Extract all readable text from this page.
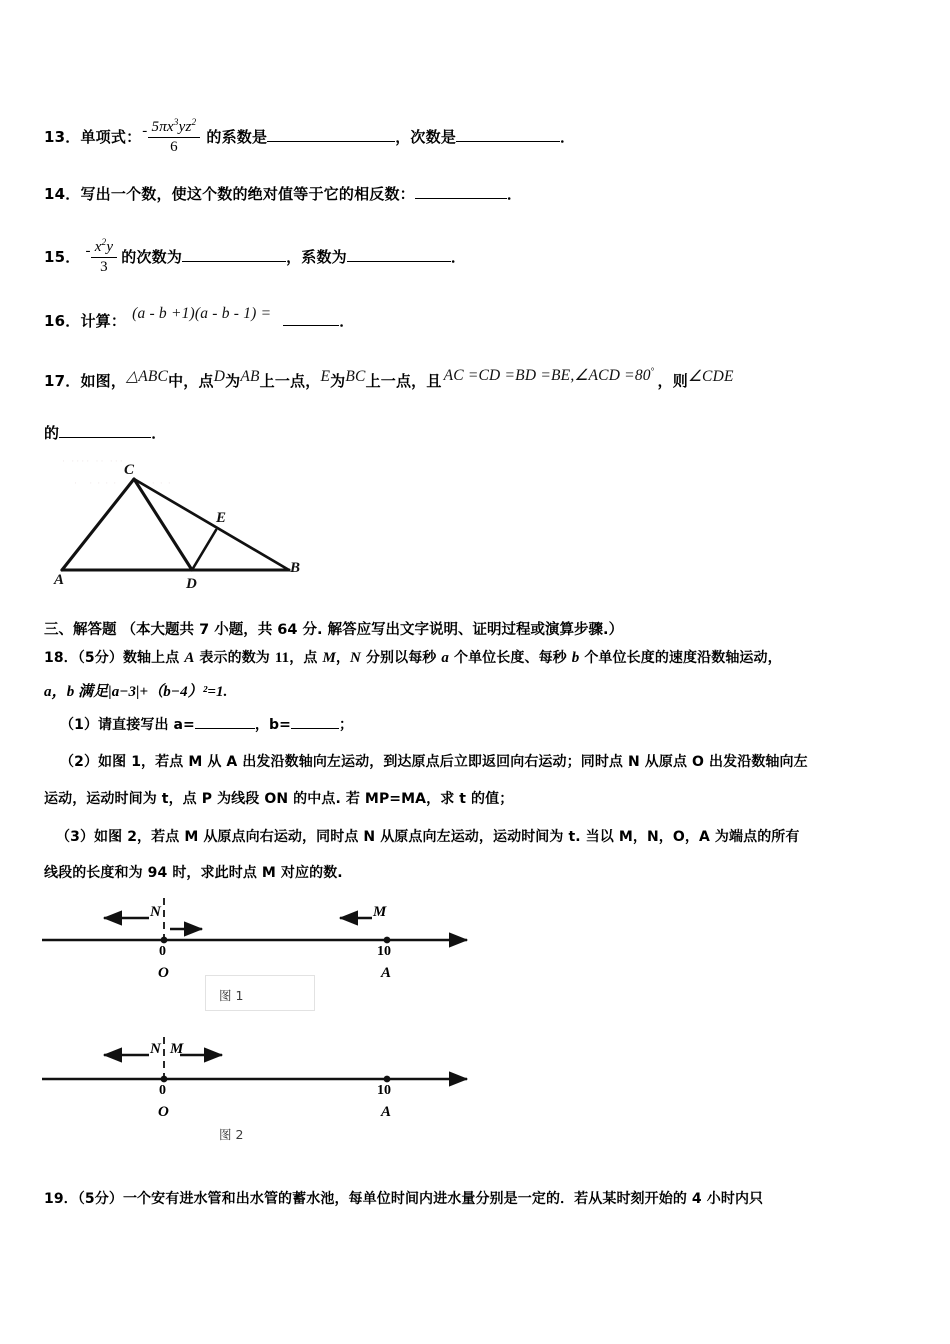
13．单项式：- $\frac{5\pi x^3yz^2}{6}$ 的系数是	，次数是	．
14．写出一个数，使这个数的绝对值等于它的相反数：	．
15． - $\frac{x^2y}{3}$ 的次数为	，系数为	．
16．计算： (a - b +1)(a - b - 1) =	．
17．如图，△ABC中，点D为AB上一点，E为BC上一点，且 AC =CD =BD =BE,∠ACD =80°，则∠CDE
的	．
· ···· ·· ···
· ···· ·· ···
A
B
C
D
E
三、解答题 （本大题共 7 小题，共 64 分. 解答应写出文字说明、证明过程或演算步骤.）
18．（5分）数轴上点 A 表示的数为 11，点 M，N 分别以每秒 a 个单位长度、每秒 b 个单位长度的速度沿数轴运动，
a，b 满足|a−3|+（b−4）²=1.
（1）请直接写出 a=	，b=	；
（2）如图 1，若点 M 从 A 出发沿数轴向左运动，到达原点后立即返回向右运动；同时点 N 从原点 O 出发沿数轴向左
运动，运动时间为 t，点 P 为线段 ON 的中点. 若 MP=MA，求 t 的值；
（3）如图 2，若点 M 从原点向右运动，同时点 N 从原点向左运动，运动时间为 t. 当以 M，N，O，A 为端点的所有
线段的长度和为 94 时，求此时点 M 对应的数.
N	M
0
O
10
A
图 1
N M
0
O
10
A
图 2
19．（5分）一个安有进水管和出水管的蓄水池，每单位时间内进水量分别是一定的．若从某时刻开始的 4 小时内只
